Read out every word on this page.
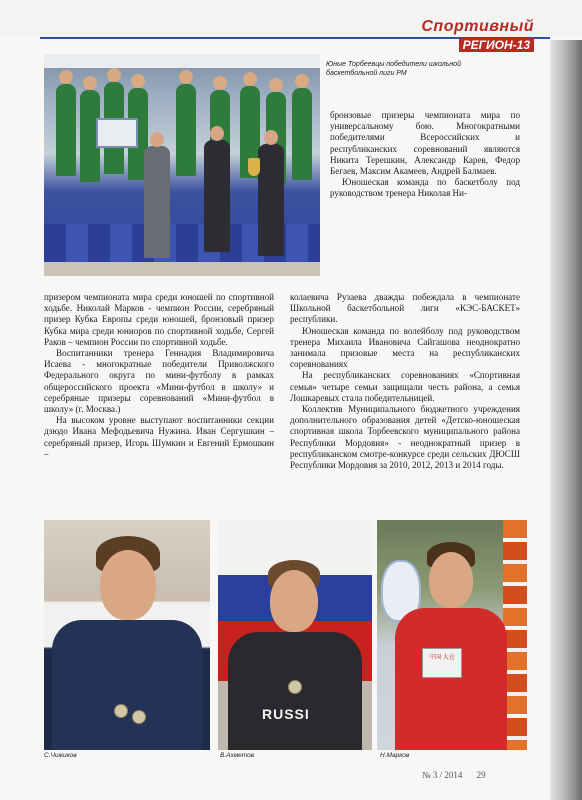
Спортивный
РЕГИОН-13
Юные Торбеевцы победители школьной баскетбольной лиги РМ

бронзовые призеры чемпионата мира по универсальному бою. Многократными победителями Всероссийских и республиканских соревнований являются Никита Терешкин, Александр Карев, Федор Бегаев, Максим Акамеев, Андрей Балмаев.

Юношеская команда по баскетболу под руководством тренера Николая Ни-

призером чемпионата мира среди юношей по спортивной ходьбе. Николай Марков - чемпион России, серебряный призер Кубка Европы среди юношей, бронзовый призер Кубка мира среди юниоров по спортивной ходьбе, Сергей Раков – чемпион России по спортивной ходьбе.

Воспитанники тренера Геннадия Владимировича Исаева - многократные победители Приволжского Федерального округа по мини-футболу в рамках общероссийского проекта «Мини-футбол в школу» и серебряные призеры соревнований «Мини-футбол в школу» (г. Москва.)

На высоком уровне выступают воспитанники секции дзюдо Ивана Мефодьевича Нужина. Иван Сергушкин – серебряный призер, Игорь Шумкин и Евгений Ермошкин –

колаевича Рузаева дважды побеждала в чемпионате Школьной баскетбольной лиги «КЭС-БАСКЕТ» республики.

Юношеская команда по волейболу под руководством тренера Михаила Ивановича Сайгашова неоднократно занимала призовые места на республиканских соревнованиях

На республиканских соревнованиях «Спортивная семья» четыре семьи защищали честь района, а семья Лошкаревых стала победительницей.

Коллектив Муниципального бюджетного учреждения дополнительного образования детей «Детско-юношеская спортивная школа Торбеевского муниципального района Республики Мордовия» - неоднократный призер в республиканском смотре-конкурсе среди сельских ДЮСШ Республики Мордовия за 2010, 2012, 2013 и 2014 годы.

RUSSI
中国 大仓
С.Чижиков	В.Ахметов	Н.Марков
№ 3 / 2014 29
